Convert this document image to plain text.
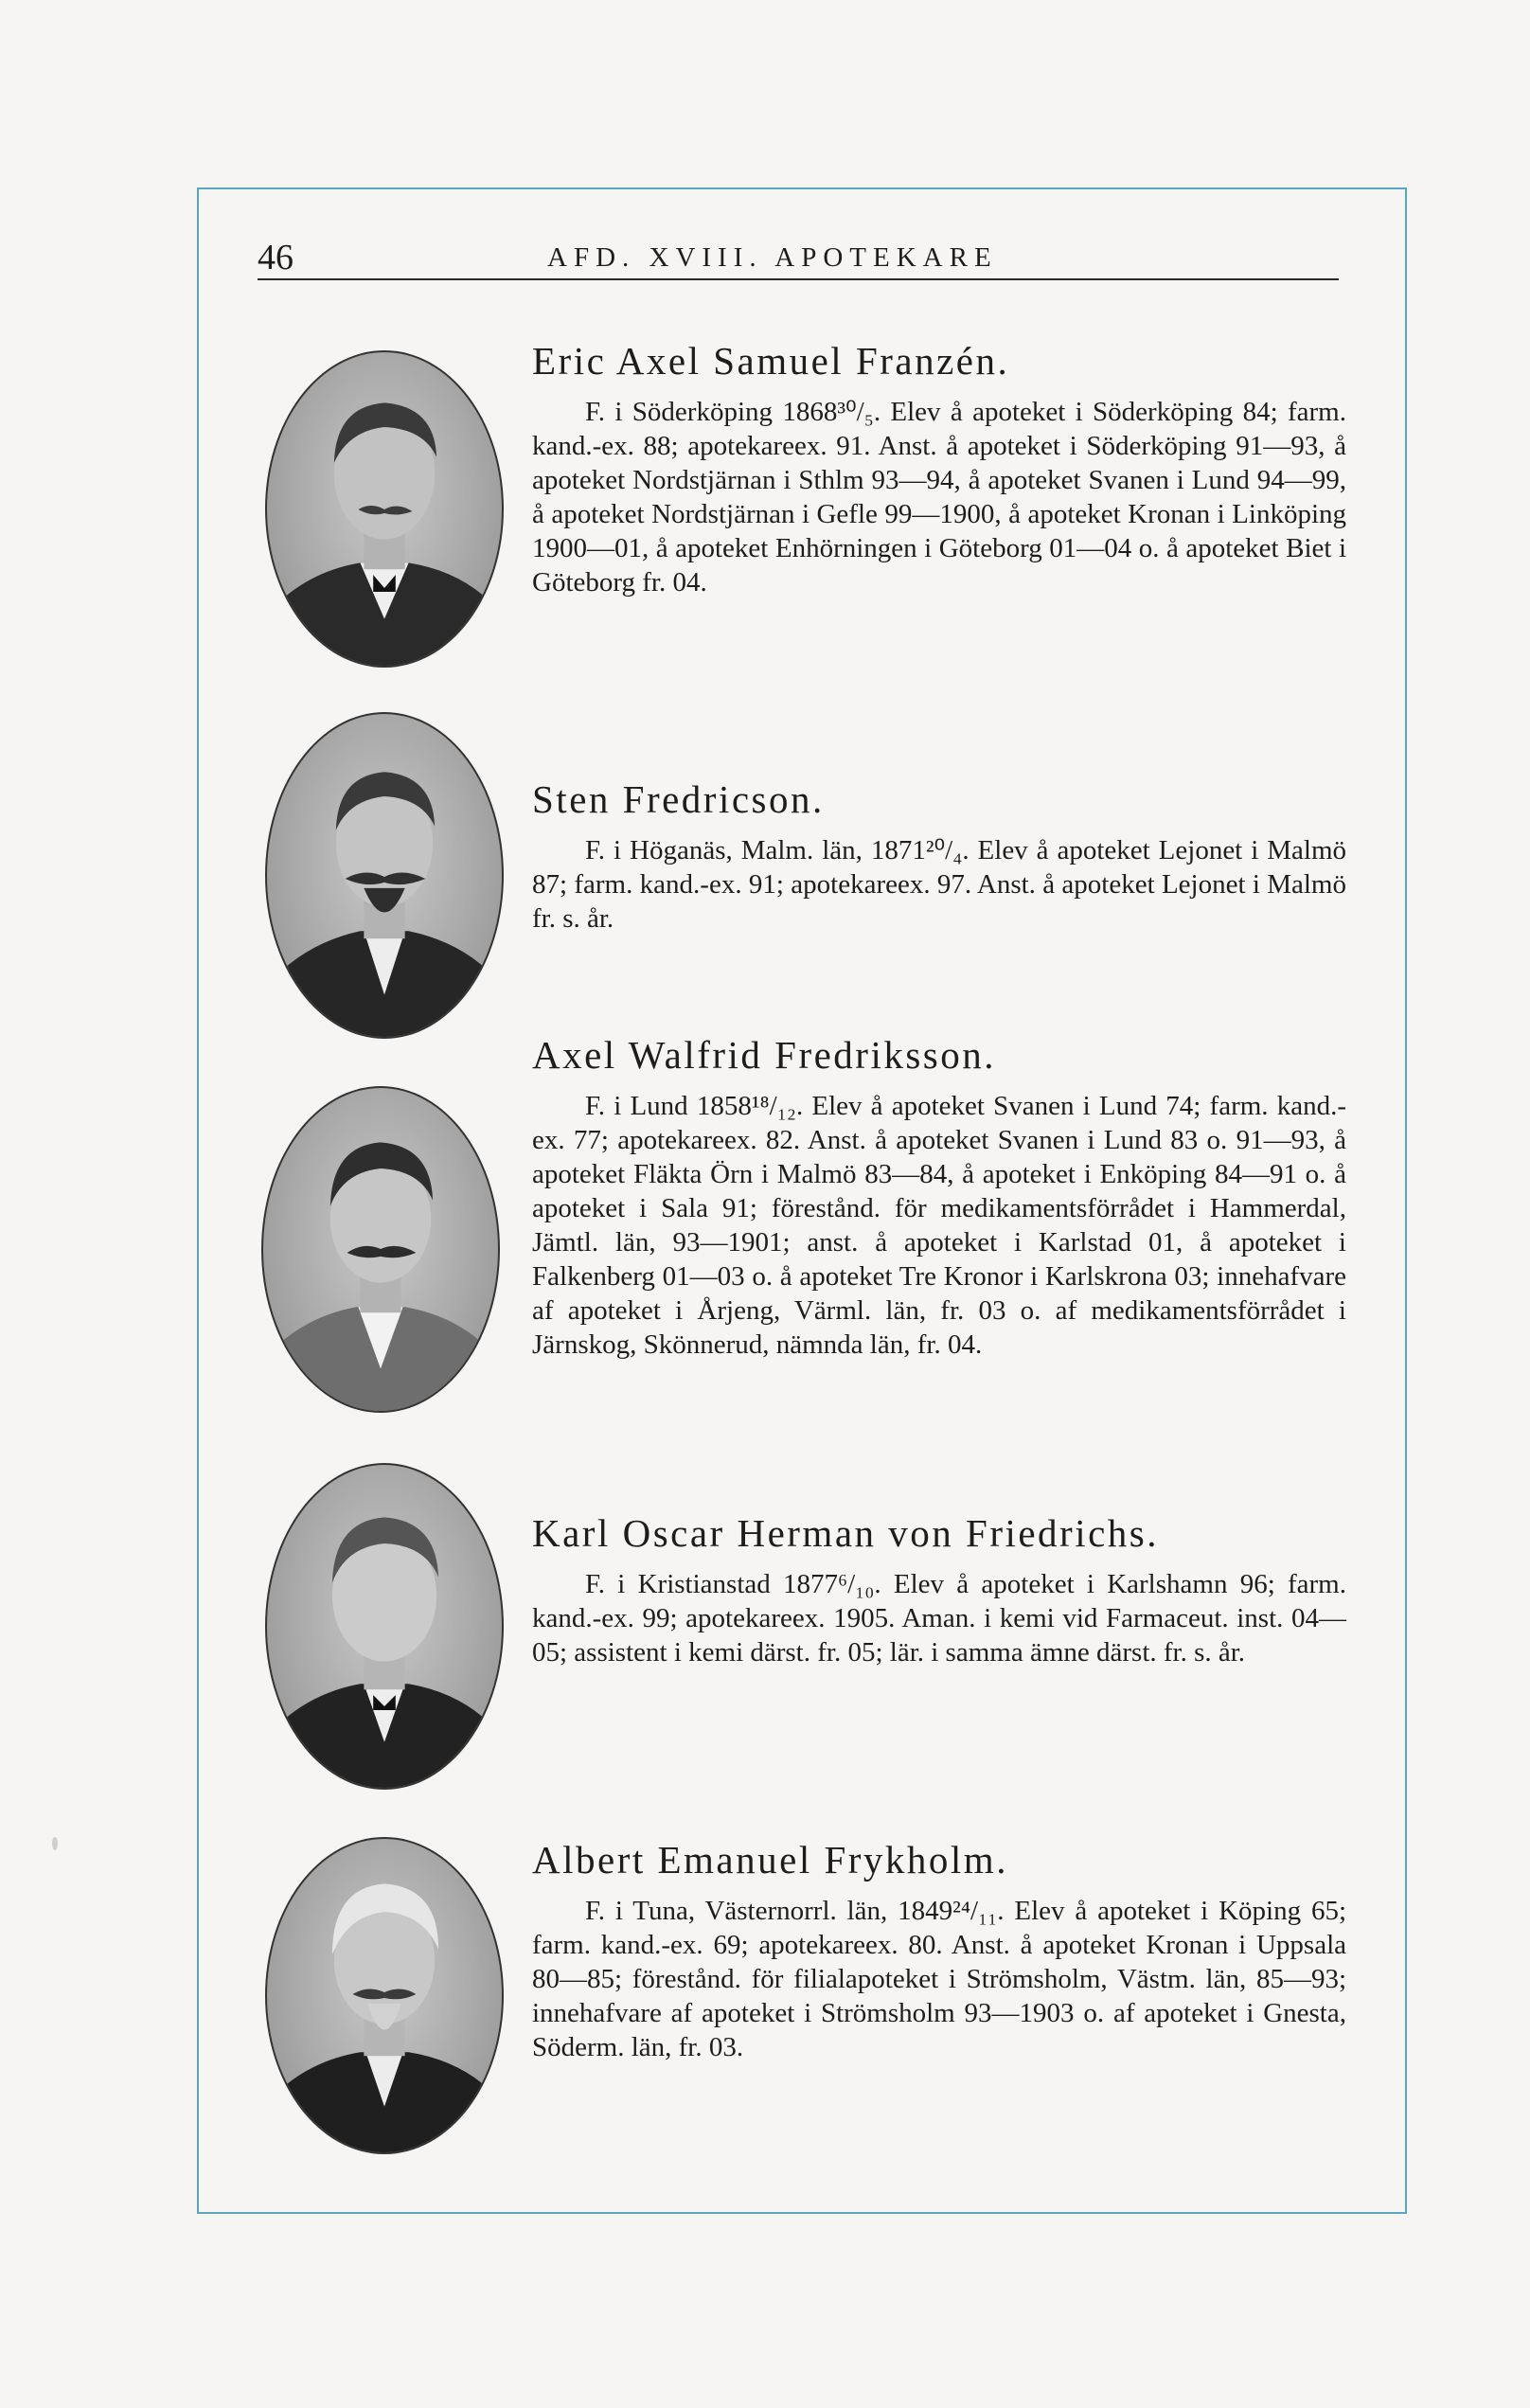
46	AFD. XVIII. APOTEKARE
Eric Axel Samuel Franzén.

F. i Söderköping 1868³⁰/₅. Elev å apoteket i Söderköping 84; farm. kand.-ex. 88; apotekareex. 91. Anst. å apoteket i Söderköping 91—93, å apoteket Nordstjärnan i Sthlm 93—94, å apoteket Svanen i Lund 94—99, å apoteket Nordstjärnan i Gefle 99—1900, å apoteket Kronan i Linköping 1900—01, å apoteket Enhörningen i Göteborg 01—04 o. å apoteket Biet i Göteborg fr. 04.

Sten Fredricson.

F. i Höganäs, Malm. län, 1871²⁰/₄. Elev å apoteket Lejonet i Malmö 87; farm. kand.-ex. 91; apotekareex. 97. Anst. å apoteket Lejonet i Malmö fr. s. år.

Axel Walfrid Fredriksson.

F. i Lund 1858¹⁸/₁₂. Elev å apoteket Svanen i Lund 74; farm. kand.-ex. 77; apotekareex. 82. Anst. å apoteket Svanen i Lund 83 o. 91—93, å apoteket Fläkta Örn i Malmö 83—84, å apoteket i Enköping 84—91 o. å apoteket i Sala 91; förestånd. för medikamentsförrådet i Hammerdal, Jämtl. län, 93—1901; anst. å apoteket i Karlstad 01, å apoteket i Falkenberg 01—03 o. å apoteket Tre Kronor i Karlskrona 03; innehafvare af apoteket i Årjeng, Värml. län, fr. 03 o. af medikamentsförrådet i Järnskog, Skönnerud, nämnda län, fr. 04.

Karl Oscar Herman von Friedrichs.

F. i Kristianstad 1877⁶/₁₀. Elev å apoteket i Karlshamn 96; farm. kand.-ex. 99; apotekareex. 1905. Aman. i kemi vid Farmaceut. inst. 04—05; assistent i kemi därst. fr. 05; lär. i samma ämne därst. fr. s. år.

Albert Emanuel Frykholm.

F. i Tuna, Västernorrl. län, 1849²⁴/₁₁. Elev å apoteket i Köping 65; farm. kand.-ex. 69; apotekareex. 80. Anst. å apoteket Kronan i Uppsala 80—85; förestånd. för filialapoteket i Strömsholm, Västm. län, 85—93; innehafvare af apoteket i Strömsholm 93—1903 o. af apoteket i Gnesta, Söderm. län, fr. 03.
